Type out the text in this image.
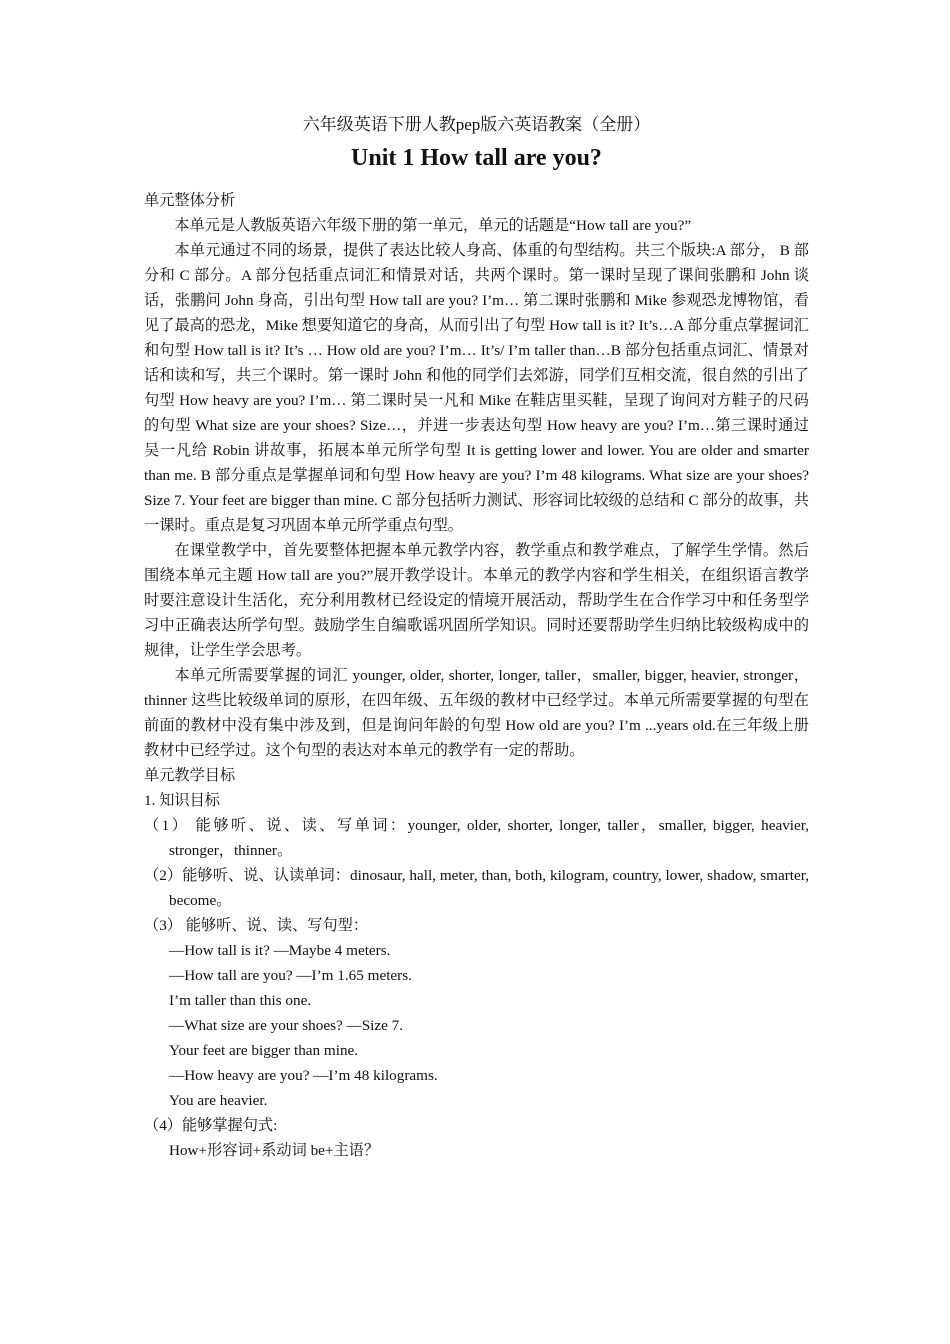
六年级英语下册人教pep版六英语教案（全册）
Unit 1 How tall are you?
单元整体分析

本单元是人教版英语六年级下册的第一单元，单元的话题是“How tall are you?”

本单元通过不同的场景，提供了表达比较人身高、体重的句型结构。共三个版块:A 部分， B 部分和 C 部分。A 部分包括重点词汇和情景对话，共两个课时。第一课时呈现了课间张鹏和 John 谈话，张鹏问 John 身高，引出句型 How tall are you? I’m… 第二课时张鹏和 Mike 参观恐龙博物馆，看见了最高的恐龙，Mike 想要知道它的身高，从而引出了句型 How tall is it? It’s…A 部分重点掌握词汇和句型 How tall is it? It’s … How old are you? I’m… It’s/ I’m taller than…B 部分包括重点词汇、情景对话和读和写，共三个课时。第一课时 John 和他的同学们去郊游，同学们互相交流，很自然的引出了句型 How heavy are you? I’m… 第二课时吴一凡和 Mike 在鞋店里买鞋，呈现了询问对方鞋子的尺码的句型 What size are your shoes? Size…，并进一步表达句型 How heavy are you? I’m…第三课时通过吴一凡给 Robin 讲故事，拓展本单元所学句型 It is getting lower and lower. You are older and smarter than me. B 部分重点是掌握单词和句型 How heavy are you? I’m 48 kilograms. What size are your shoes? Size 7. Your feet are bigger than mine. C 部分包括听力测试、形容词比较级的总结和 C 部分的故事，共一课时。重点是复习巩固本单元所学重点句型。

在课堂教学中，首先要整体把握本单元教学内容，教学重点和教学难点，了解学生学情。然后围绕本单元主题 How tall are you?”展开教学设计。本单元的教学内容和学生相关，在组织语言教学时要注意设计生活化，充分利用教材已经设定的情境开展活动，帮助学生在合作学习中和任务型学习中正确表达所学句型。鼓励学生自编歌谣巩固所学知识。同时还要帮助学生归纳比较级构成中的规律，让学生学会思考。

本单元所需要掌握的词汇 younger, older, shorter, longer, taller，smaller, bigger, heavier, stronger，thinner 这些比较级单词的原形，在四年级、五年级的教材中已经学过。本单元所需要掌握的句型在前面的教材中没有集中涉及到，但是询问年龄的句型 How old are you? I’m ...years old.在三年级上册教材中已经学过。这个句型的表达对本单元的教学有一定的帮助。

单元教学目标
1. 知识目标
（1） 能够听、说、读、写单词：younger, older, shorter, longer, taller，smaller, bigger, heavier, stronger，thinner。
（2）能够听、说、认读单词：dinosaur, hall, meter, than, both, kilogram, country, lower, shadow, smarter, become。
（3） 能够听、说、读、写句型：
—How tall is it? —Maybe 4 meters.
—How tall are you? —I’m 1.65 meters.
I’m taller than this one.
—What size are your shoes? —Size 7.
Your feet are bigger than mine.
—How heavy are you? —I’m 48 kilograms.
You are heavier.
（4）能够掌握句式:
How+形容词+系动词 be+主语？
